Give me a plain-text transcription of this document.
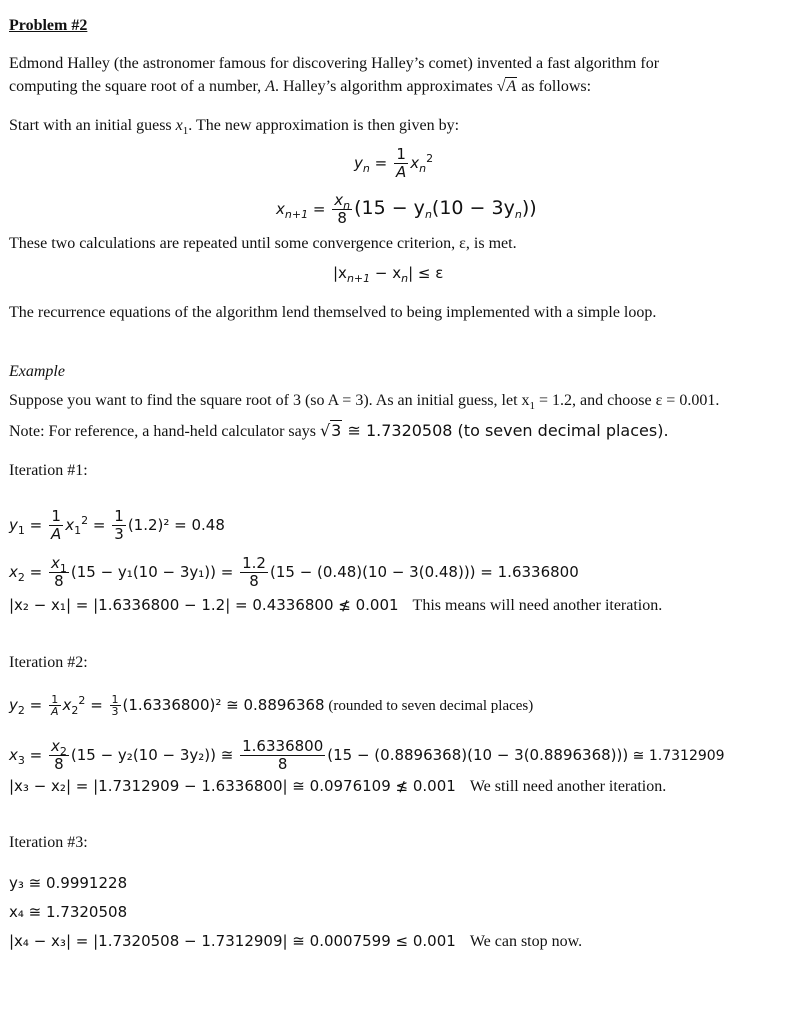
Problem #2
Edmond Halley (the astronomer famous for discovering Halley’s comet) invented a fast algorithm for
computing the square root of a number, A. Halley’s algorithm approximates √A as follows:
Start with an initial guess $x_1$. The new approximation is then given by:
$y_n = \frac{1}{A} x_n^2$
$x_{n+1} = \frac{x_n}{8} (15 - y_n(10 - 3y_n))$
These two calculations are repeated until some convergence criterion, ε, is met.
$|x_{n+1} - x_n| \le \varepsilon$
The recurrence equations of the algorithm lend themselved to being implemented with a simple loop.
Example
Suppose you want to find the square root of 3 (so A = 3). As an initial guess, let $x_1 = 1.2$, and choose ε = 0.001.
Note: For reference, a hand-held calculator says √3 ≅ 1.7320508 (to seven decimal places).
Iteration #1:
$y_1 = \frac{1}{A} x_1^2 = \frac{1}{3} (1.2)^2 = 0.48$
$x_2 = \frac{x_1}{8} (15 - y_1(10 - 3y_1)) = \frac{1.2}{8} (15 - (0.48)(10 - 3(0.48))) = 1.6336800$
|x₂ − x₁| = |1.6336800 − 1.2| = 0.4336800 ≰ 0.001 This means will need another iteration.
Iteration #2:
$y_2 = \frac{1}{A} x_2^2 = \frac{1}{3} (1.6336800)^2$ ≅ 0.8896368 (rounded to seven decimal places)
$x_3 = \frac{x_2}{8} (15 - y_2(10 - 3y_2))$ ≅ $\frac{1.6336800}{8} (15 - (0.8896368)(10 - 3(0.8896368)))$ ≅ 1.7312909
|x₃ − x₂| = |1.7312909 − 1.6336800| ≅ 0.0976109 ≰ 0.001 We still need another iteration.
Iteration #3:
y₃ ≅ 0.9991228
x₄ ≅ 1.7320508
|x₄ − x₃| = |1.7320508 − 1.7312909| ≅ 0.0007599 ≤ 0.001 We can stop now.
